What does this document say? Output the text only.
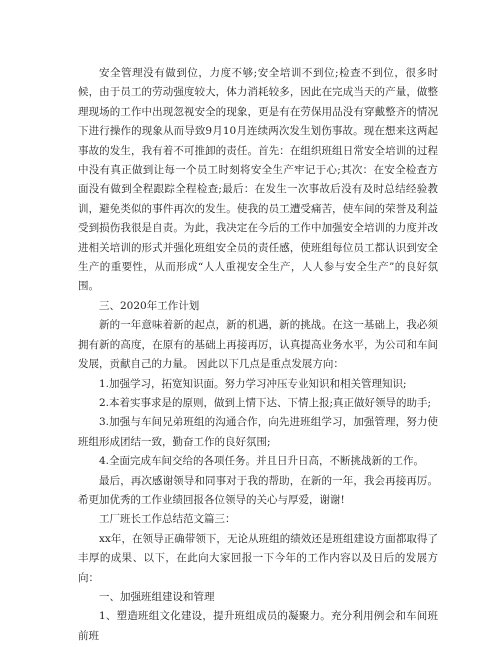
安全管理没有做到位，力度不够;安全培训不到位;检查不到位，很多时候，由于员工的劳动强度较大，体力消耗较多，因此在完成当天的产量，做整理现场的工作中出现忽视安全的现象，更是有在劳保用品没有穿戴整齐的情况下进行操作的现象从而导致9月10月连续两次发生划伤事故。现在想来这两起事故的发生，我有着不可推卸的责任。首先：在组织班组日常安全培训的过程中没有真正做到让每一个员工时刻将安全生产牢记于心;其次：在安全检查方面没有做到全程跟踪全程检查;最后：在发生一次事故后没有及时总结经验教训，避免类似的事件再次的发生。使我的员工遭受痛苦，使车间的荣誉及利益受到损伤我很是自责。为此，我决定在今后的工作中加强安全培训的力度并改进相关培训的形式并强化班组安全员的责任感，使班组每位员工都认识到安全生产的重要性，从而形成“人人重视安全生产，人人参与安全生产”的良好氛围。

三、2020年工作计划

新的一年意味着新的起点，新的机遇，新的挑战。在这一基础上，我必须拥有新的高度，在原有的基础上再接再厉，认真提高业务水平，为公司和车间发展，贡献自己的力量。 因此以下几点是重点发展方向：

1.加强学习，拓宽知识面。努力学习冲压专业知识和相关管理知识;

2.本着实事求是的原则，做到上情下达、下情上报;真正做好领导的助手;

3.加强与车间兄弟班组的沟通合作，向先进班组学习，加强管理，努力使班组形成团结一致，勤奋工作的良好氛围;

4.全面完成车间交给的各项任务。并且日升日高，不断挑战新的工作。

最后，再次感谢领导和同事对于我的帮助，在新的一年，我会再接再厉。希更加优秀的工作业绩回报各位领导的关心与厚爱，谢谢!

工厂班长工作总结范文篇三：

xx年，在领导正确带领下，无论从班组的绩效还是班组建设方面都取得了丰厚的成果、以下，在此向大家回报一下今年的工作内容以及日后的发展方向：

一、加强班组建设和管理

1、塑造班组文化建设，提升班组成员的凝聚力。充分利用例会和车间班前班
